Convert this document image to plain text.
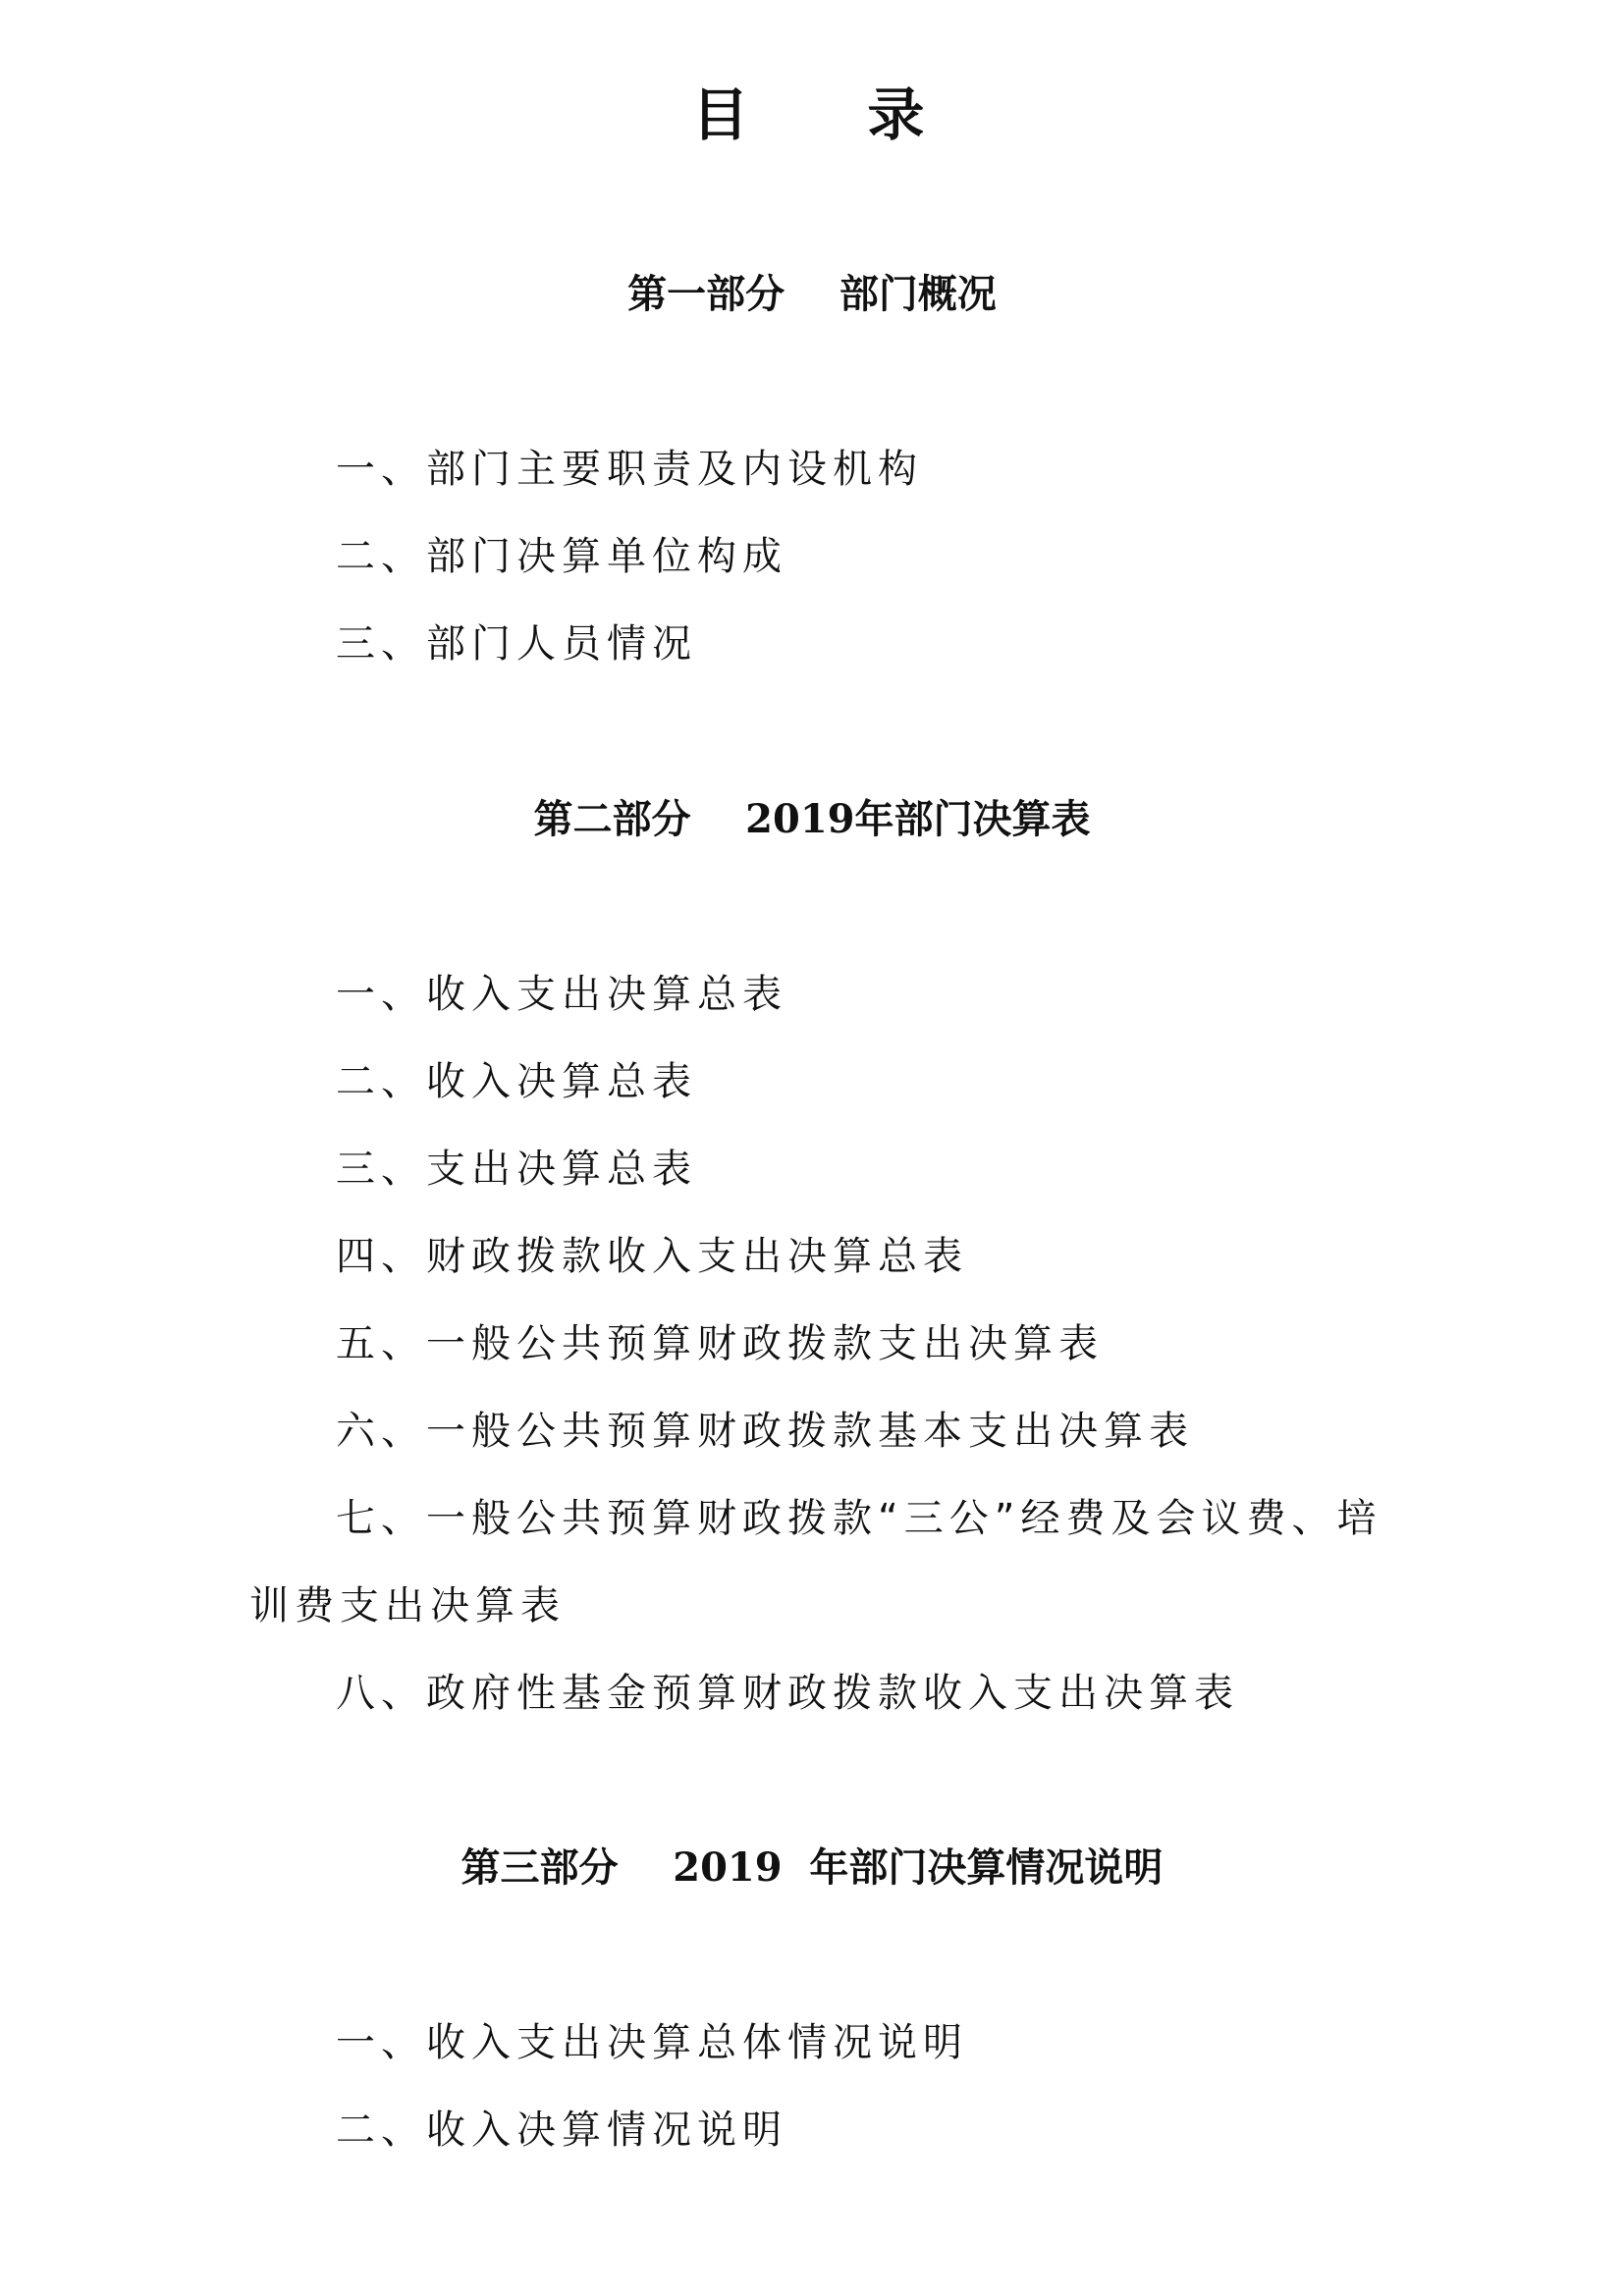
目    录
第一部分    部门概况
一、部门主要职责及内设机构
二、部门决算单位构成
三、部门人员情况
第二部分    2019年部门决算表
一、收入支出决算总表
二、收入决算总表
三、支出决算总表
四、财政拨款收入支出决算总表
五、一般公共预算财政拨款支出决算表
六、一般公共预算财政拨款基本支出决算表
七、一般公共预算财政拨款“三公”经费及会议费、培
训费支出决算表
八、政府性基金预算财政拨款收入支出决算表
第三部分    2019  年部门决算情况说明
一、收入支出决算总体情况说明
二、收入决算情况说明
